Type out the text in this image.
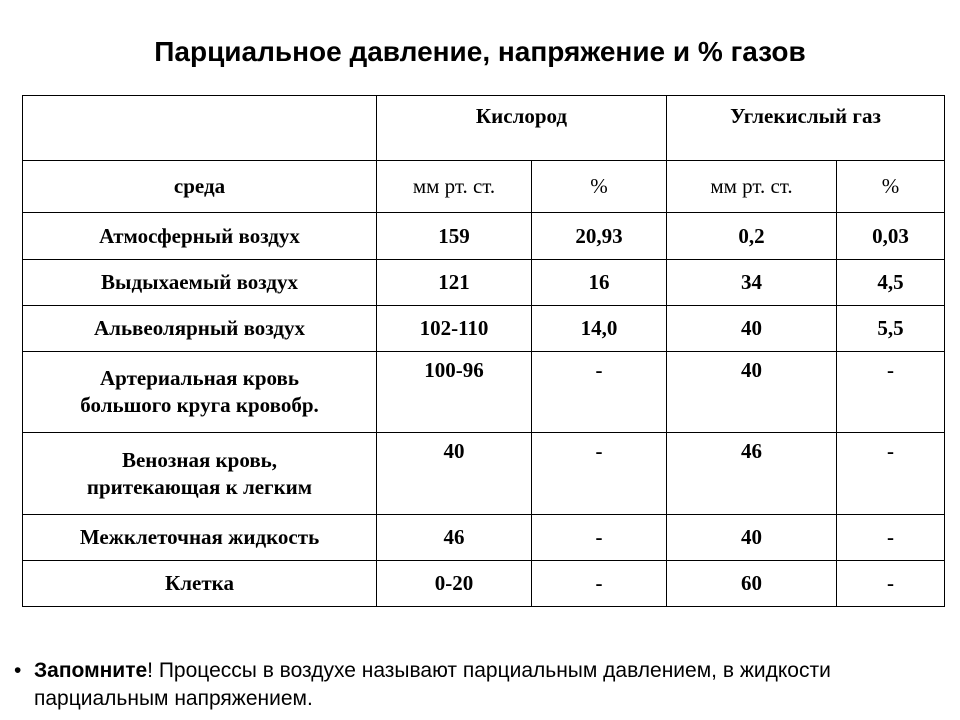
Парциальное давление, напряжение и % газов
	Кислород		Углекислый газ	
среда	мм рт. ст.	%	мм рт. ст.	%
Атмосферный воздух	159	20,93	0,2	0,03
Выдыхаемый воздух	121	16	34	4,5
Альвеолярный воздух	102-110	14,0	40	5,5
Артериальная кровь
большого круга кровобр.	100-96	-	40	-
Венозная кровь,
притекающая к легким	40	-	46	-
Межклеточная жидкость	46	-	40	-
Клетка	0-20	-	60	-
• Запомните! Процессы в воздухе называют парциальным давлением, в жидкости парциальным напряжением.
